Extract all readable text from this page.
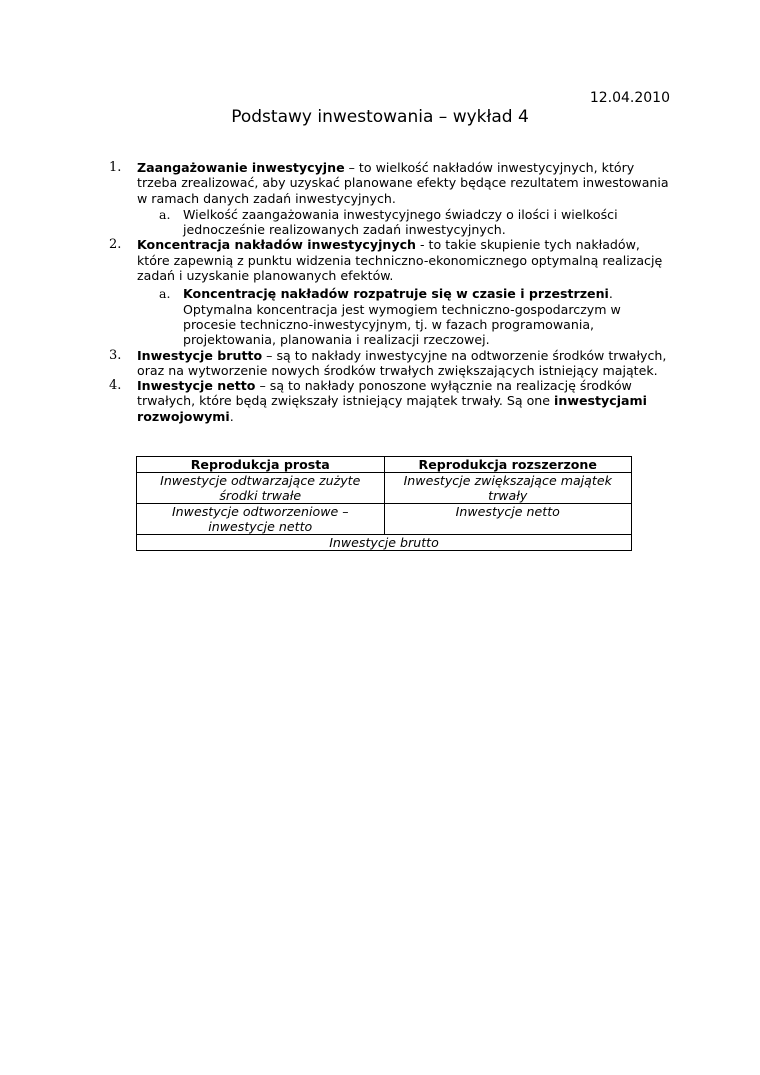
12.04.2010
Podstawy inwestowania – wykład 4
1.	Zaangażowanie inwestycyjne – to wielkość nakładów inwestycyjnych, który trzeba zrealizować, aby uzyskać planowane efekty będące rezultatem inwestowania w ramach danych zadań inwestycyjnych.
a. Wielkość zaangażowania inwestycyjnego świadczy o ilości i wielkości jednocześnie realizowanych zadań inwestycyjnych.
2.	Koncentracja nakładów inwestycyjnych - to takie skupienie tych nakładów, które zapewnią z punktu widzenia techniczno-ekonomicznego optymalną realizację zadań i uzyskanie planowanych efektów.
a. Koncentrację nakładów rozpatruje się w czasie i przestrzeni. Optymalna koncentracja jest wymogiem techniczno-gospodarczym w procesie techniczno-inwestycyjnym, tj. w fazach programowania, projektowania, planowania i realizacji rzeczowej.
3.	Inwestycje brutto – są to nakłady inwestycyjne na odtworzenie środków trwałych, oraz na wytworzenie nowych środków trwałych zwiększających istniejący majątek.
4.	Inwestycje netto – są to nakłady ponoszone wyłącznie na realizację środków trwałych, które będą zwiększały istniejący majątek trwały. Są one inwestycjami rozwojowymi.
Reprodukcja prosta	Reprodukcja rozszerzone
Inwestycje odtwarzające zużyte środki trwałe	Inwestycje zwiększające majątek trwały
Inwestycje odtworzeniowe – inwestycje netto	Inwestycje netto
Inwestycje brutto	
